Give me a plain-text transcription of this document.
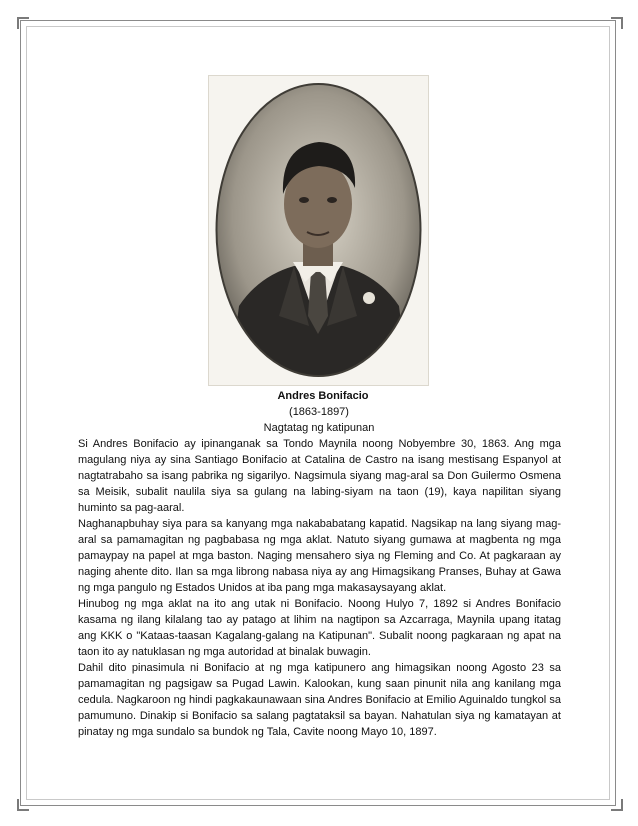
Andres Bonifacio
(1863-1897)
Nagtatag ng katipunan

Si Andres Bonifacio ay ipinanganak sa Tondo Maynila noong Nobyembre 30, 1863. Ang mga magulang niya ay sina Santiago Bonifacio at Catalina de Castro na isang mestisang Espanyol at nagtatrabaho sa isang pabrika ng sigarilyo. Nagsimula siyang mag-aral sa Don Guilermo Osmena sa Meisik, subalit naulila siya sa gulang na labing-siyam na taon (19), kaya napilitan siyang huminto sa pag-aaral.

Naghanapbuhay siya para sa kanyang mga nakababatang kapatid. Nagsikap na lang siyang mag-aral sa pamamagitan ng pagbabasa ng mga aklat. Natuto siyang gumawa at magbenta ng mga pamaypay na papel at mga baston. Naging mensahero siya ng Fleming and Co. At pagkaraan ay naging ahente dito. Ilan sa mga librong nabasa niya ay ang Himagsikang Pranses, Buhay at Gawa ng mga pangulo ng Estados Unidos at iba pang mga makasaysayang aklat.

Hinubog ng mga aklat na ito ang utak ni Bonifacio. Noong Hulyo 7, 1892 si Andres Bonifacio kasama ng ilang kilalang tao ay patago at lihim na nagtipon sa Azcarraga, Maynila upang itatag ang KKK o "Kataas-taasan Kagalang-galang na Katipunan". Subalit noong pagkaraan ng apat na taon ito ay natuklasan ng mga autoridad at binalak buwagin.

Dahil dito pinasimula ni Bonifacio at ng mga katipunero ang himagsikan noong Agosto 23 sa pamamagitan ng pagsigaw sa Pugad Lawin. Kalookan, kung saan pinunit nila ang kanilang mga cedula. Nagkaroon ng hindi pagkakaunawaan sina Andres Bonifacio at Emilio Aguinaldo tungkol sa pamumuno. Dinakip si Bonifacio sa salang pagtataksil sa bayan. Nahatulan siya ng kamatayan at pinatay ng mga sundalo sa bundok ng Tala, Cavite noong Mayo 10, 1897.
